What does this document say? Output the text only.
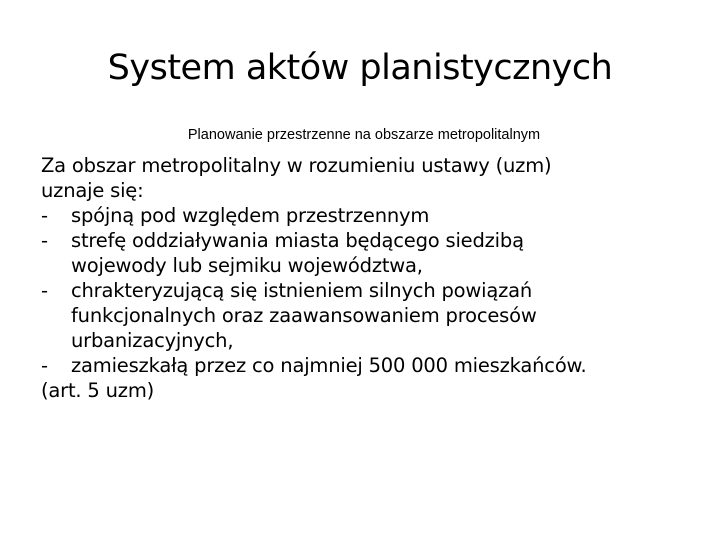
System aktów planistycznych
Planowanie przestrzenne na obszarze metropolitalnym
Za obszar metropolitalny w rozumieniu ustawy (uzm)
uznaje się:
- spójną pod względem przestrzennym
- strefę oddziaływania miasta będącego siedzibą
wojewody lub sejmiku województwa,
- chrakteryzującą się istnieniem silnych powiązań
funkcjonalnych oraz zaawansowaniem procesów
urbanizacyjnych,
- zamieszkałą przez co najmniej 500 000 mieszkańców.
(art. 5 uzm)
